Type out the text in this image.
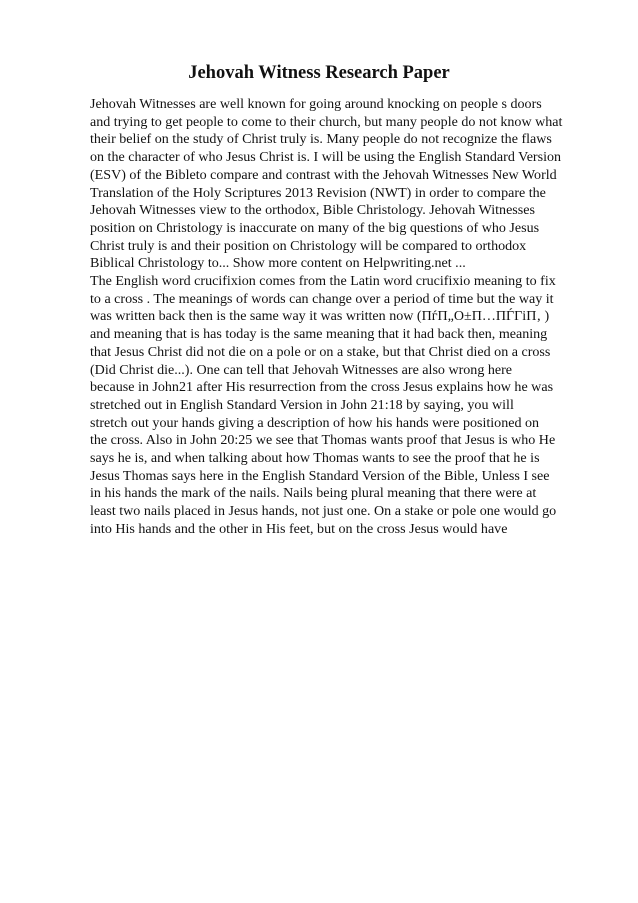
Jehovah Witness Research Paper
Jehovah Witnesses are well known for going around knocking on people s doors
and trying to get people to come to their church, but many people do not know what
their belief on the study of Christ truly is. Many people do not recognize the flaws
on the character of who Jesus Christ is. I will be using the English Standard Version
(ESV) of the Bibleto compare and contrast with the Jehovah Witnesses New World
Translation of the Holy Scriptures 2013 Revision (NWT) in order to compare the
Jehovah Witnesses view to the orthodox, Bible Christology. Jehovah Witnesses
position on Christology is inaccurate on many of the big questions of who Jesus
Christ truly is and their position on Christology will be compared to orthodox
Biblical Christology to... Show more content on Helpwriting.net ...
The English word crucifixion comes from the Latin word crucifixio meaning to fix
to a cross . The meanings of words can change over a period of time but the way it
was written back then is the same way it was written now (ΠѓΠ„Ο±Π…ΠЃΓіΠ‚ )
and meaning that is has today is the same meaning that it had back then, meaning
that Jesus Christ did not die on a pole or on a stake, but that Christ died on a cross
(Did Christ die...). One can tell that Jehovah Witnesses are also wrong here
because in John21 after His resurrection from the cross Jesus explains how he was
stretched out in English Standard Version in John 21:18 by saying, you will
stretch out your hands giving a description of how his hands were positioned on
the cross. Also in John 20:25 we see that Thomas wants proof that Jesus is who He
says he is, and when talking about how Thomas wants to see the proof that he is
Jesus Thomas says here in the English Standard Version of the Bible, Unless I see
in his hands the mark of the nails. Nails being plural meaning that there were at
least two nails placed in Jesus hands, not just one. On a stake or pole one would go
into His hands and the other in His feet, but on the cross Jesus would have
